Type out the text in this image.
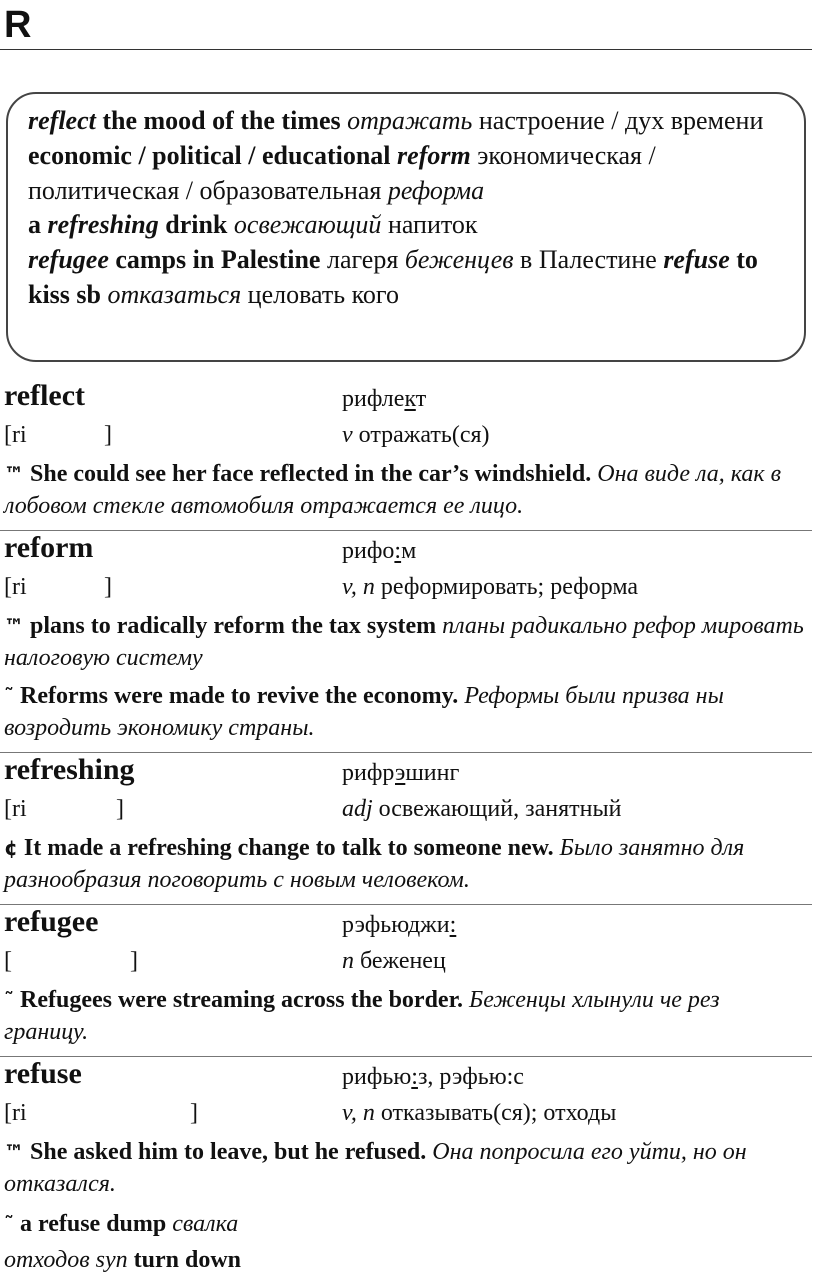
R
reflect the mood of the times отражать настроение / дух времени
economic / political / educational reform экономическая / политическая / образовательная реформа
a refreshing drink освежающий напиток
refugee camps in Palestine лагеря беженцев в Палестине refuse to kiss sb отказаться целовать кого
reflect	рифлект
[ri	]	v отражать(ся)
™ She could see her face reflected in the car’s windshield. Она виде ла, как в лобовом стекле автомобиля отражается ее лицо.
reform	рифо:м
[ri	]	v, n реформировать; реформа
™ plans to radically reform the tax system планы радикально рефор мировать налоговую систему
˜ Reforms were made to revive the economy. Реформы были призва ны возродить экономику страны.
refreshing	рифрэшинг
[ri	]	adj освежающий, занятный
¢ It made a refreshing change to talk to someone new. Было занятно для разнообразия поговорить с новым человеком.
refugee	рэфьюджи:
[	]	n беженец
˜ Refugees were streaming across the border. Беженцы хлынули че рез границу.
refuse	рифью:з, рэфью:с
[ri	]	v, n отказывать(ся); отходы
™ She asked him to leave, but he refused. Она попросила его уйти, но он отказался.
˜ a refuse dump свалка отходов syn turn down
